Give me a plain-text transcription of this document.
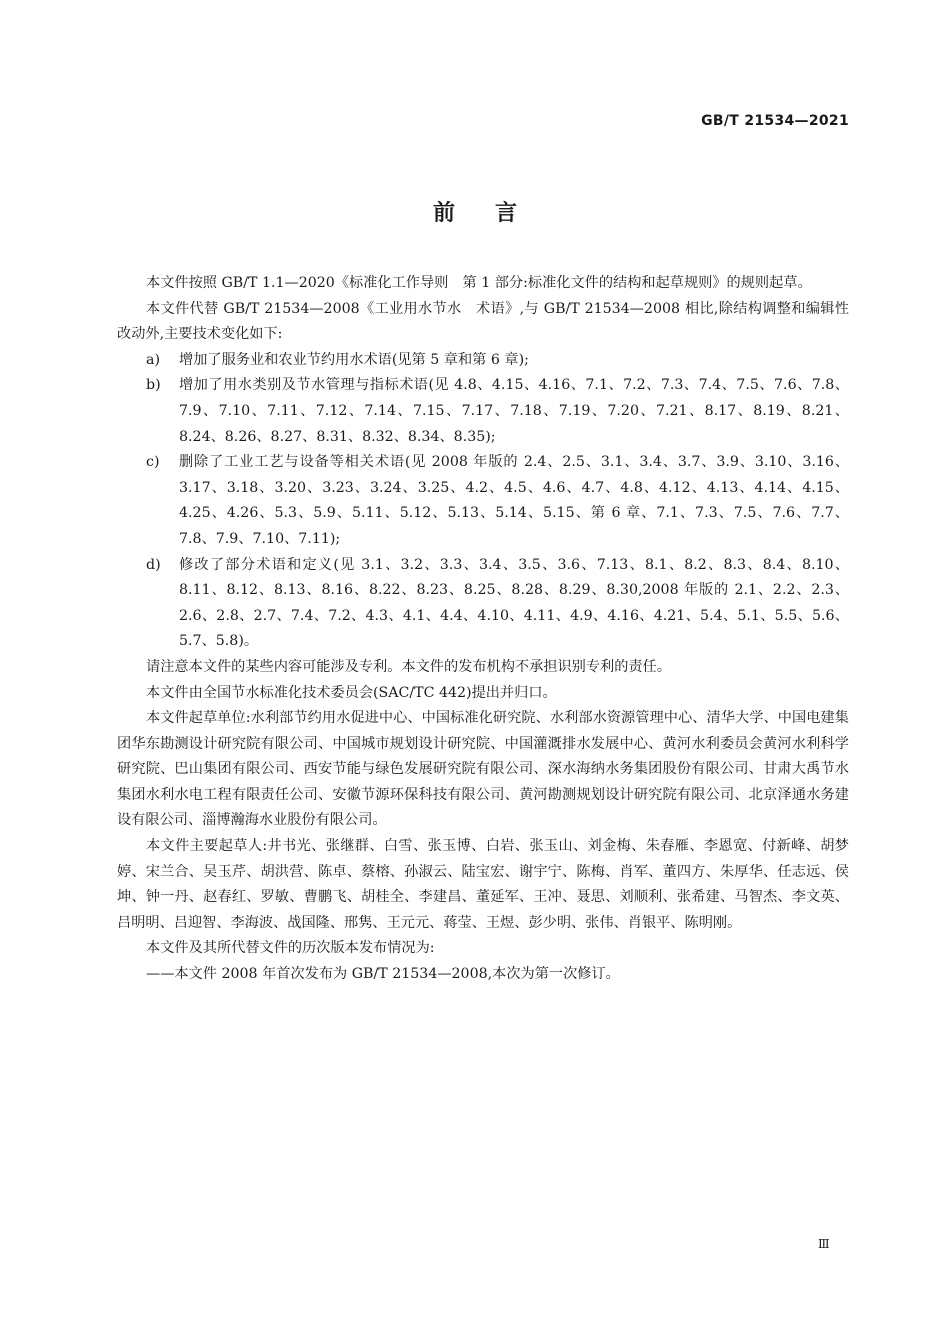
GB/T 21534—2021
前言

本文件按照 GB/T 1.1—2020《标准化工作导则　第 1 部分:标准化文件的结构和起草规则》的规则起草。

本文件代替 GB/T 21534—2008《工业用水节水　术语》,与 GB/T 21534—2008 相比,除结构调整和编辑性改动外,主要技术变化如下:

a)	增加了服务业和农业节约用水术语(见第 5 章和第 6 章);
b)	增加了用水类别及节水管理与指标术语(见 4.8、4.15、4.16、7.1、7.2、7.3、7.4、7.5、7.6、7.8、7.9、7.10、7.11、7.12、7.14、7.15、7.17、7.18、7.19、7.20、7.21、8.17、8.19、8.21、8.24、8.26、8.27、8.31、8.32、8.34、8.35);
c)	删除了工业工艺与设备等相关术语(见 2008 年版的 2.4、2.5、3.1、3.4、3.7、3.9、3.10、3.16、3.17、3.18、3.20、3.23、3.24、3.25、4.2、4.5、4.6、4.7、4.8、4.12、4.13、4.14、4.15、4.25、4.26、5.3、5.9、5.11、5.12、5.13、5.14、5.15、第 6 章、7.1、7.3、7.5、7.6、7.7、7.8、7.9、7.10、7.11);
d)	修改了部分术语和定义(见 3.1、3.2、3.3、3.4、3.5、3.6、7.13、8.1、8.2、8.3、8.4、8.10、8.11、8.12、8.13、8.16、8.22、8.23、8.25、8.28、8.29、8.30,2008 年版的 2.1、2.2、2.3、2.6、2.8、2.7、7.4、7.2、4.3、4.1、4.4、4.10、4.11、4.9、4.16、4.21、5.4、5.1、5.5、5.6、5.7、5.8)。

请注意本文件的某些内容可能涉及专利。本文件的发布机构不承担识别专利的责任。

本文件由全国节水标准化技术委员会(SAC/TC 442)提出并归口。

本文件起草单位:水利部节约用水促进中心、中国标准化研究院、水利部水资源管理中心、清华大学、中国电建集团华东勘测设计研究院有限公司、中国城市规划设计研究院、中国灌溉排水发展中心、黄河水利委员会黄河水利科学研究院、巴山集团有限公司、西安节能与绿色发展研究院有限公司、深水海纳水务集团股份有限公司、甘肃大禹节水集团水利水电工程有限责任公司、安徽节源环保科技有限公司、黄河勘测规划设计研究院有限公司、北京泽通水务建设有限公司、淄博瀚海水业股份有限公司。

本文件主要起草人:井书光、张继群、白雪、张玉博、白岩、张玉山、刘金梅、朱春雁、李恩宽、付新峰、胡梦婷、宋兰合、吴玉芹、胡洪营、陈卓、蔡榕、孙淑云、陆宝宏、谢宇宁、陈梅、肖军、董四方、朱厚华、任志远、侯坤、钟一丹、赵春红、罗敏、曹鹏飞、胡桂全、李建昌、董延军、王冲、聂思、刘顺利、张希建、马智杰、李文英、吕明明、吕迎智、李海波、战国隆、邢隽、王元元、蒋莹、王煜、彭少明、张伟、肖银平、陈明刚。

本文件及其所代替文件的历次版本发布情况为:

——本文件 2008 年首次发布为 GB/T 21534—2008,本次为第一次修订。

Ⅲ
